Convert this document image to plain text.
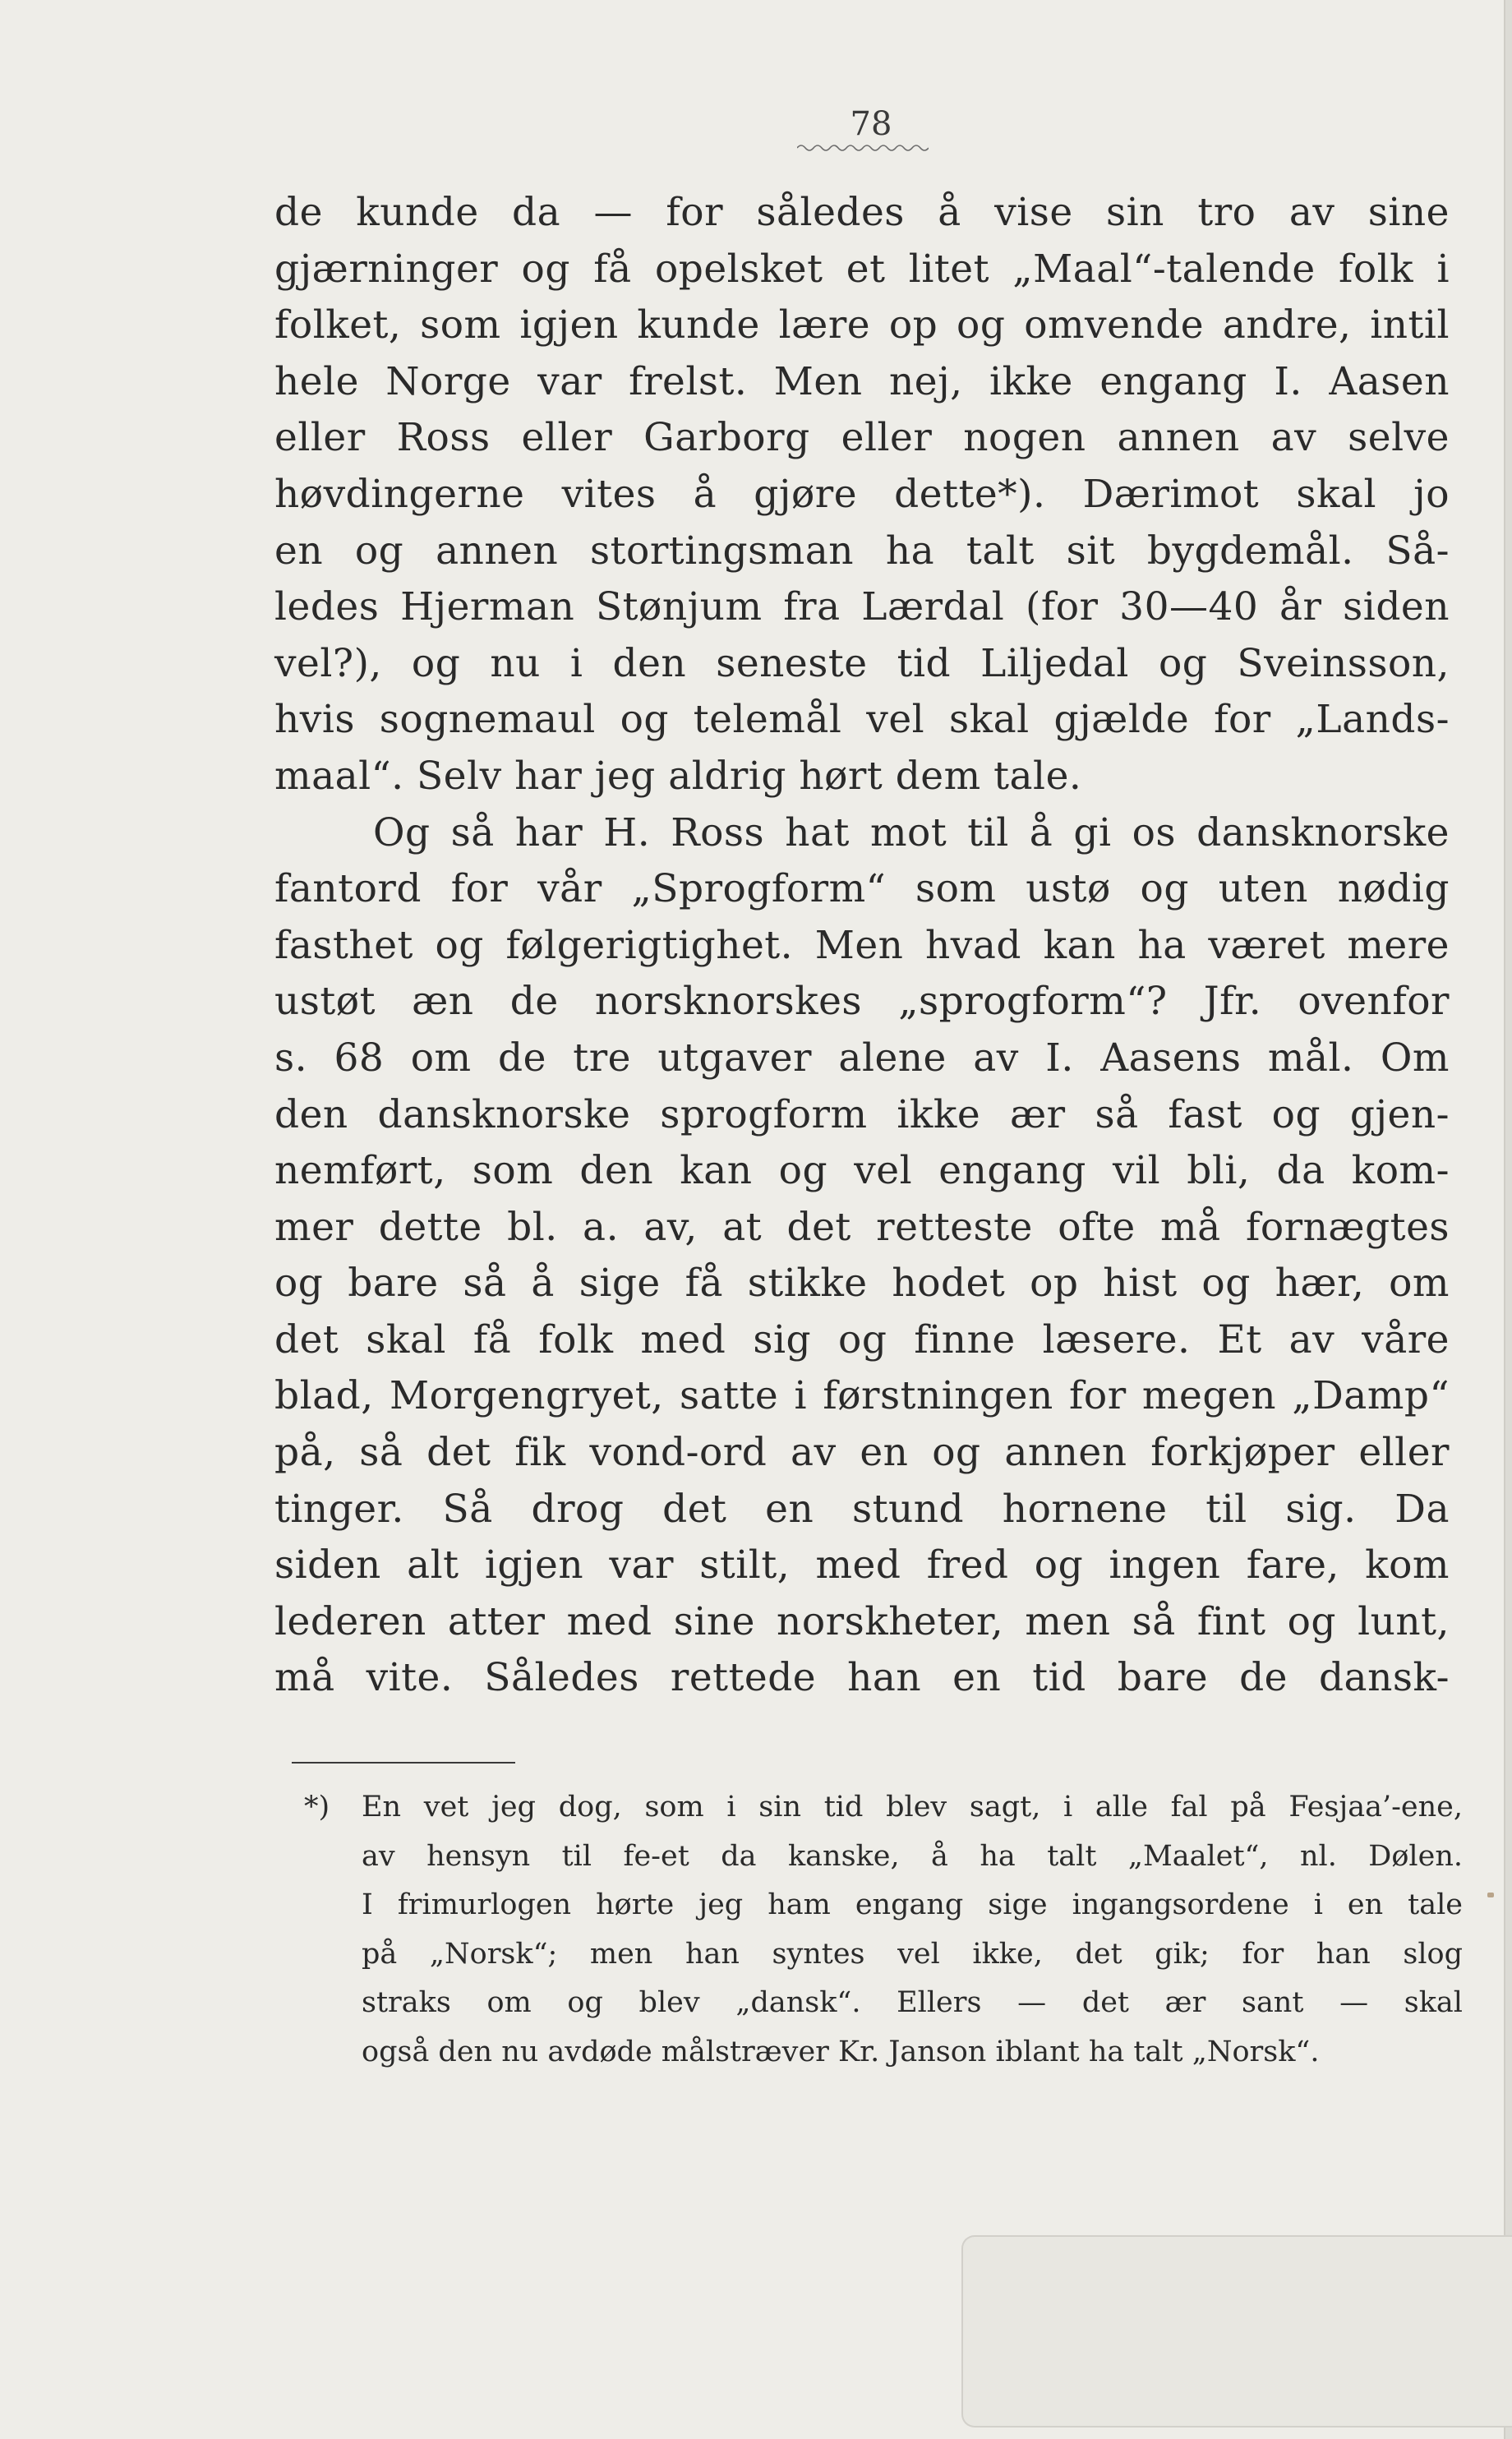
78
de kunde da — for således å vise sin tro av sine
gjærninger og få opelsket et litet „Maal“-talende folk i
folket, som igjen kunde lære op og omvende andre, intil
hele Norge var frelst. Men nej, ikke engang I. Aasen
eller Ross eller Garborg eller nogen annen av selve
høvdingerne vites å gjøre dette*). Dærimot skal jo
en og annen stortingsman ha talt sit bygdemål. Så-
ledes Hjerman Stønjum fra Lærdal (for 30—40 år siden
vel?), og nu i den seneste tid Liljedal og Sveinsson,
hvis sognemaul og telemål vel skal gjælde for „Lands-
maal“. Selv har jeg aldrig hørt dem tale.
Og så har H. Ross hat mot til å gi os dansknorske
fantord for vår „Sprogform“ som ustø og uten nødig
fasthet og følgerigtighet. Men hvad kan ha været mere
ustøt æn de norsknorskes „sprogform“? Jfr. ovenfor
s. 68 om de tre utgaver alene av I. Aasens mål. Om
den dansknorske sprogform ikke ær så fast og gjen-
nemført, som den kan og vel engang vil bli, da kom-
mer dette bl. a. av, at det retteste ofte må fornægtes
og bare så å sige få stikke hodet op hist og hær, om
det skal få folk med sig og finne læsere. Et av våre
blad, Morgengryet, satte i førstningen for megen „Damp“
på, så det fik vond-ord av en og annen forkjøper eller
tinger. Så drog det en stund hornene til sig. Da
siden alt igjen var stilt, med fred og ingen fare, kom
lederen atter med sine norskheter, men så fint og lunt,
må vite. Således rettede han en tid bare de dansk-
*) En vet jeg dog, som i sin tid blev sagt, i alle fal på Fesjaa’-ene,
av hensyn til fe-et da kanske, å ha talt „Maalet“, nl. Dølen.
I frimurlogen hørte jeg ham engang sige ingangsordene i en tale
på „Norsk“; men han syntes vel ikke, det gik; for han slog
straks om og blev „dansk“. Ellers — det ær sant — skal
også den nu avdøde målstræver Kr. Janson iblant ha talt „Norsk“.
